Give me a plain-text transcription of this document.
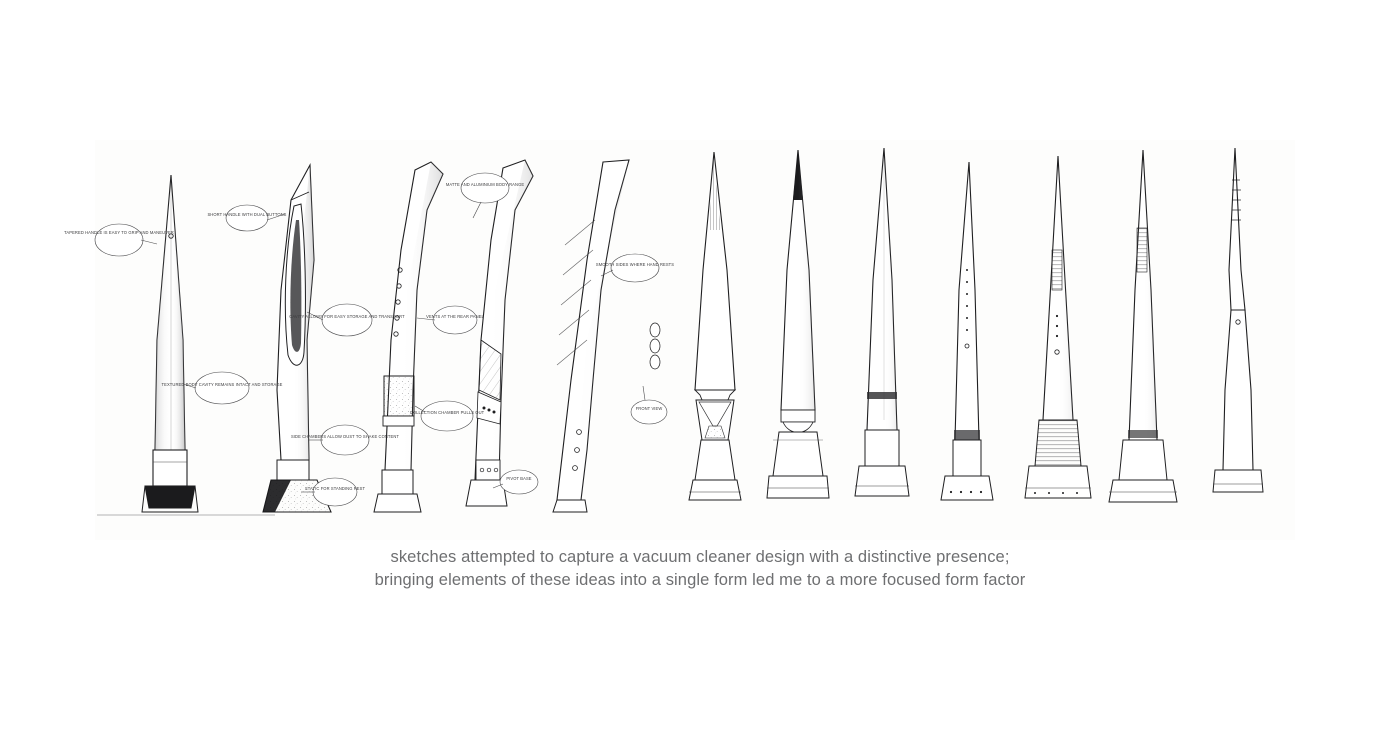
TAPERED HANDLE IS EASY TO GRIP AND MANEUVER
SHORT HANDLE WITH DUAL BUTTONS
CAVITY ALLOWS FOR EASY STORAGE AND TRANSPORT
TEXTURED BODY CAVITY REMAINS INTACT AND STORAGE
SIDE CHAMBERS ALLOW DUST TO SHAKE CONTENT
STATIC FOR STANDING REST
MATTE AND ALUMINIUM BODY RANGE
VENTS AT THE REAR PANEL
COLLECTION CHAMBER PULLS OUT
PIVOT BASE
SMOOTH SIDES WHERE HAND RESTS
FRONT VIEW
sketches attempted to capture a vacuum cleaner design with a distinctive presence;
bringing elements of these ideas into a single form led me to a more focused form factor
